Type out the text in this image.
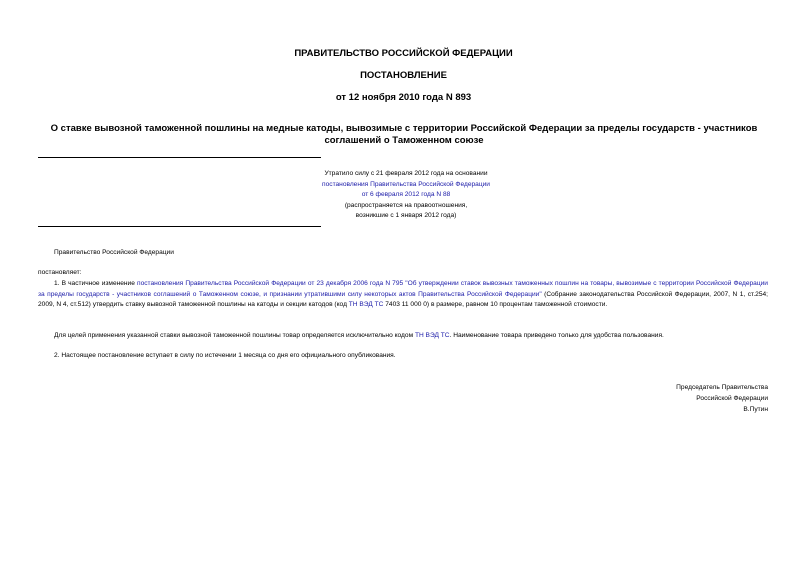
ПРАВИТЕЛЬСТВО РОССИЙСКОЙ ФЕДЕРАЦИИ
ПОСТАНОВЛЕНИЕ
от 12 ноября 2010 года N 893
О ставке вывозной таможенной пошлины на медные катоды, вывозимые с территории Российской Федерации за пределы государств - участников соглашений о Таможенном союзе
Утратило силу с 21 февраля 2012 года на основании
постановления Правительства Российской Федерации
от 6 февраля 2012 года N 88
(распространяется на правоотношения,
возникшие с 1 января 2012 года)
Правительство Российской Федерации
постановляет:
1. В частичное изменение постановления Правительства Российской Федерации от 23 декабря 2006 года N 795 "Об утверждении ставок вывозных таможенных пошлин на товары, вывозимые с территории Российской Федерации за пределы государств - участников соглашений о Таможенном союзе, и признании утратившими силу некоторых актов Правительства Российской Федерации" (Собрание законодательства Российской Федерации, 2007, N 1, ст.254; 2009, N 4, ст.512) утвердить ставку вывозной таможенной пошлины на катоды и секции катодов (код ТН ВЭД ТС 7403 11 000 0) в размере, равном 10 процентам таможенной стоимости.
Для целей применения указанной ставки вывозной таможенной пошлины товар определяется исключительно кодом ТН ВЭД ТС. Наименование товара приведено только для удобства пользования.
2. Настоящее постановление вступает в силу по истечении 1 месяца со дня его официального опубликования.
Председатель Правительства
Российской Федерации
В.Путин
